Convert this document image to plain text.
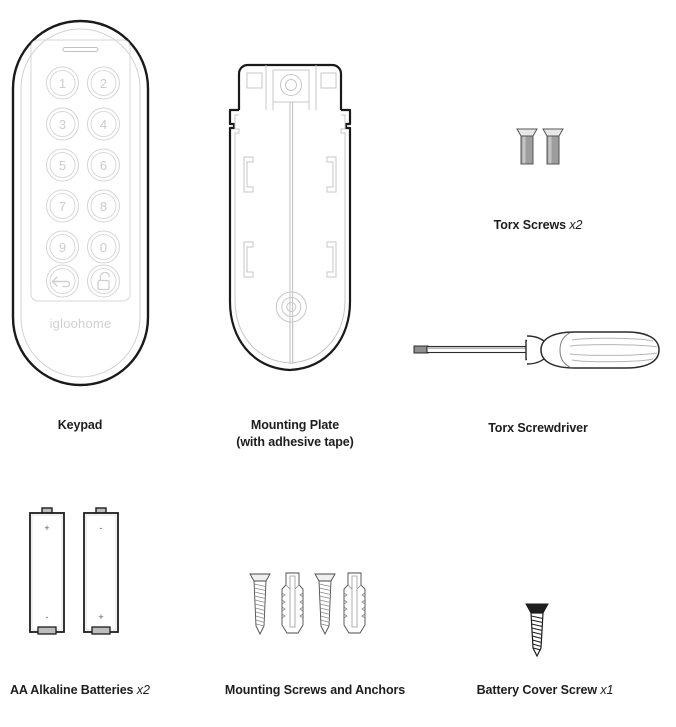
1	2
3	4
5	6
7	8
9	0
igloohome
Keypad	Mounting Plate
(with adhesive tape)
Torx Screws x2
Torx Screwdriver
+
-
-
+
AA Alkaline Batteries x2	Mounting Screws and Anchors	Battery Cover Screw x1
